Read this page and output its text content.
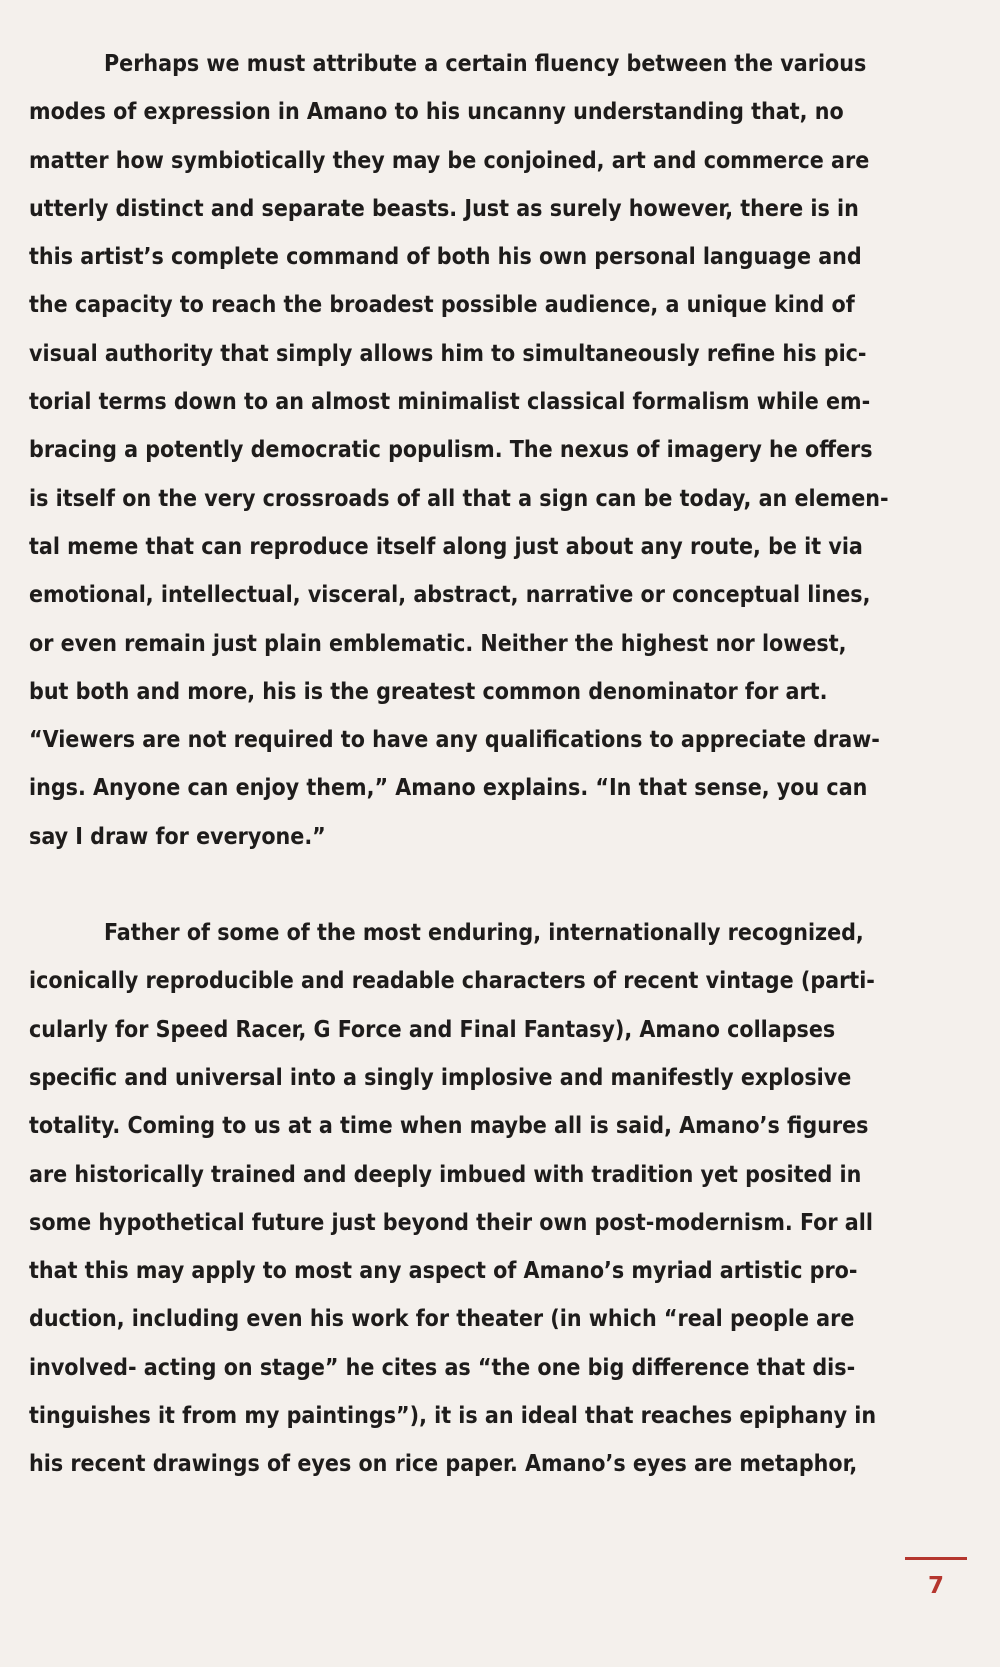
Perhaps we must attribute a certain fluency between the various
modes of expression in Amano to his uncanny understanding that, no
matter how symbiotically they may be conjoined, art and commerce are
utterly distinct and separate beasts. Just as surely however, there is in
this artist’s complete command of both his own personal language and
the capacity to reach the broadest possible audience, a unique kind of
visual authority that simply allows him to simultaneously refine his pic-
torial terms down to an almost minimalist classical formalism while em-
bracing a potently democratic populism. The nexus of imagery he offers
is itself on the very crossroads of all that a sign can be today, an elemen-
tal meme that can reproduce itself along just about any route, be it via
emotional, intellectual, visceral, abstract, narrative or conceptual lines,
or even remain just plain emblematic. Neither the highest nor lowest,
but both and more, his is the greatest common denominator for art.
“Viewers are not required to have any qualifications to appreciate draw-
ings. Anyone can enjoy them,” Amano explains. “In that sense, you can
say I draw for everyone.”
Father of some of the most enduring, internationally recognized,
iconically reproducible and readable characters of recent vintage (parti-
cularly for Speed Racer, G Force and Final Fantasy), Amano collapses
specific and universal into a singly implosive and manifestly explosive
totality. Coming to us at a time when maybe all is said, Amano’s figures
are historically trained and deeply imbued with tradition yet posited in
some hypothetical future just beyond their own post-modernism. For all
that this may apply to most any aspect of Amano’s myriad artistic pro-
duction, including even his work for theater (in which “real people are
involved- acting on stage” he cites as “the one big difference that dis-
tinguishes it from my paintings”), it is an ideal that reaches epiphany in
his recent drawings of eyes on rice paper. Amano’s eyes are metaphor,
7
